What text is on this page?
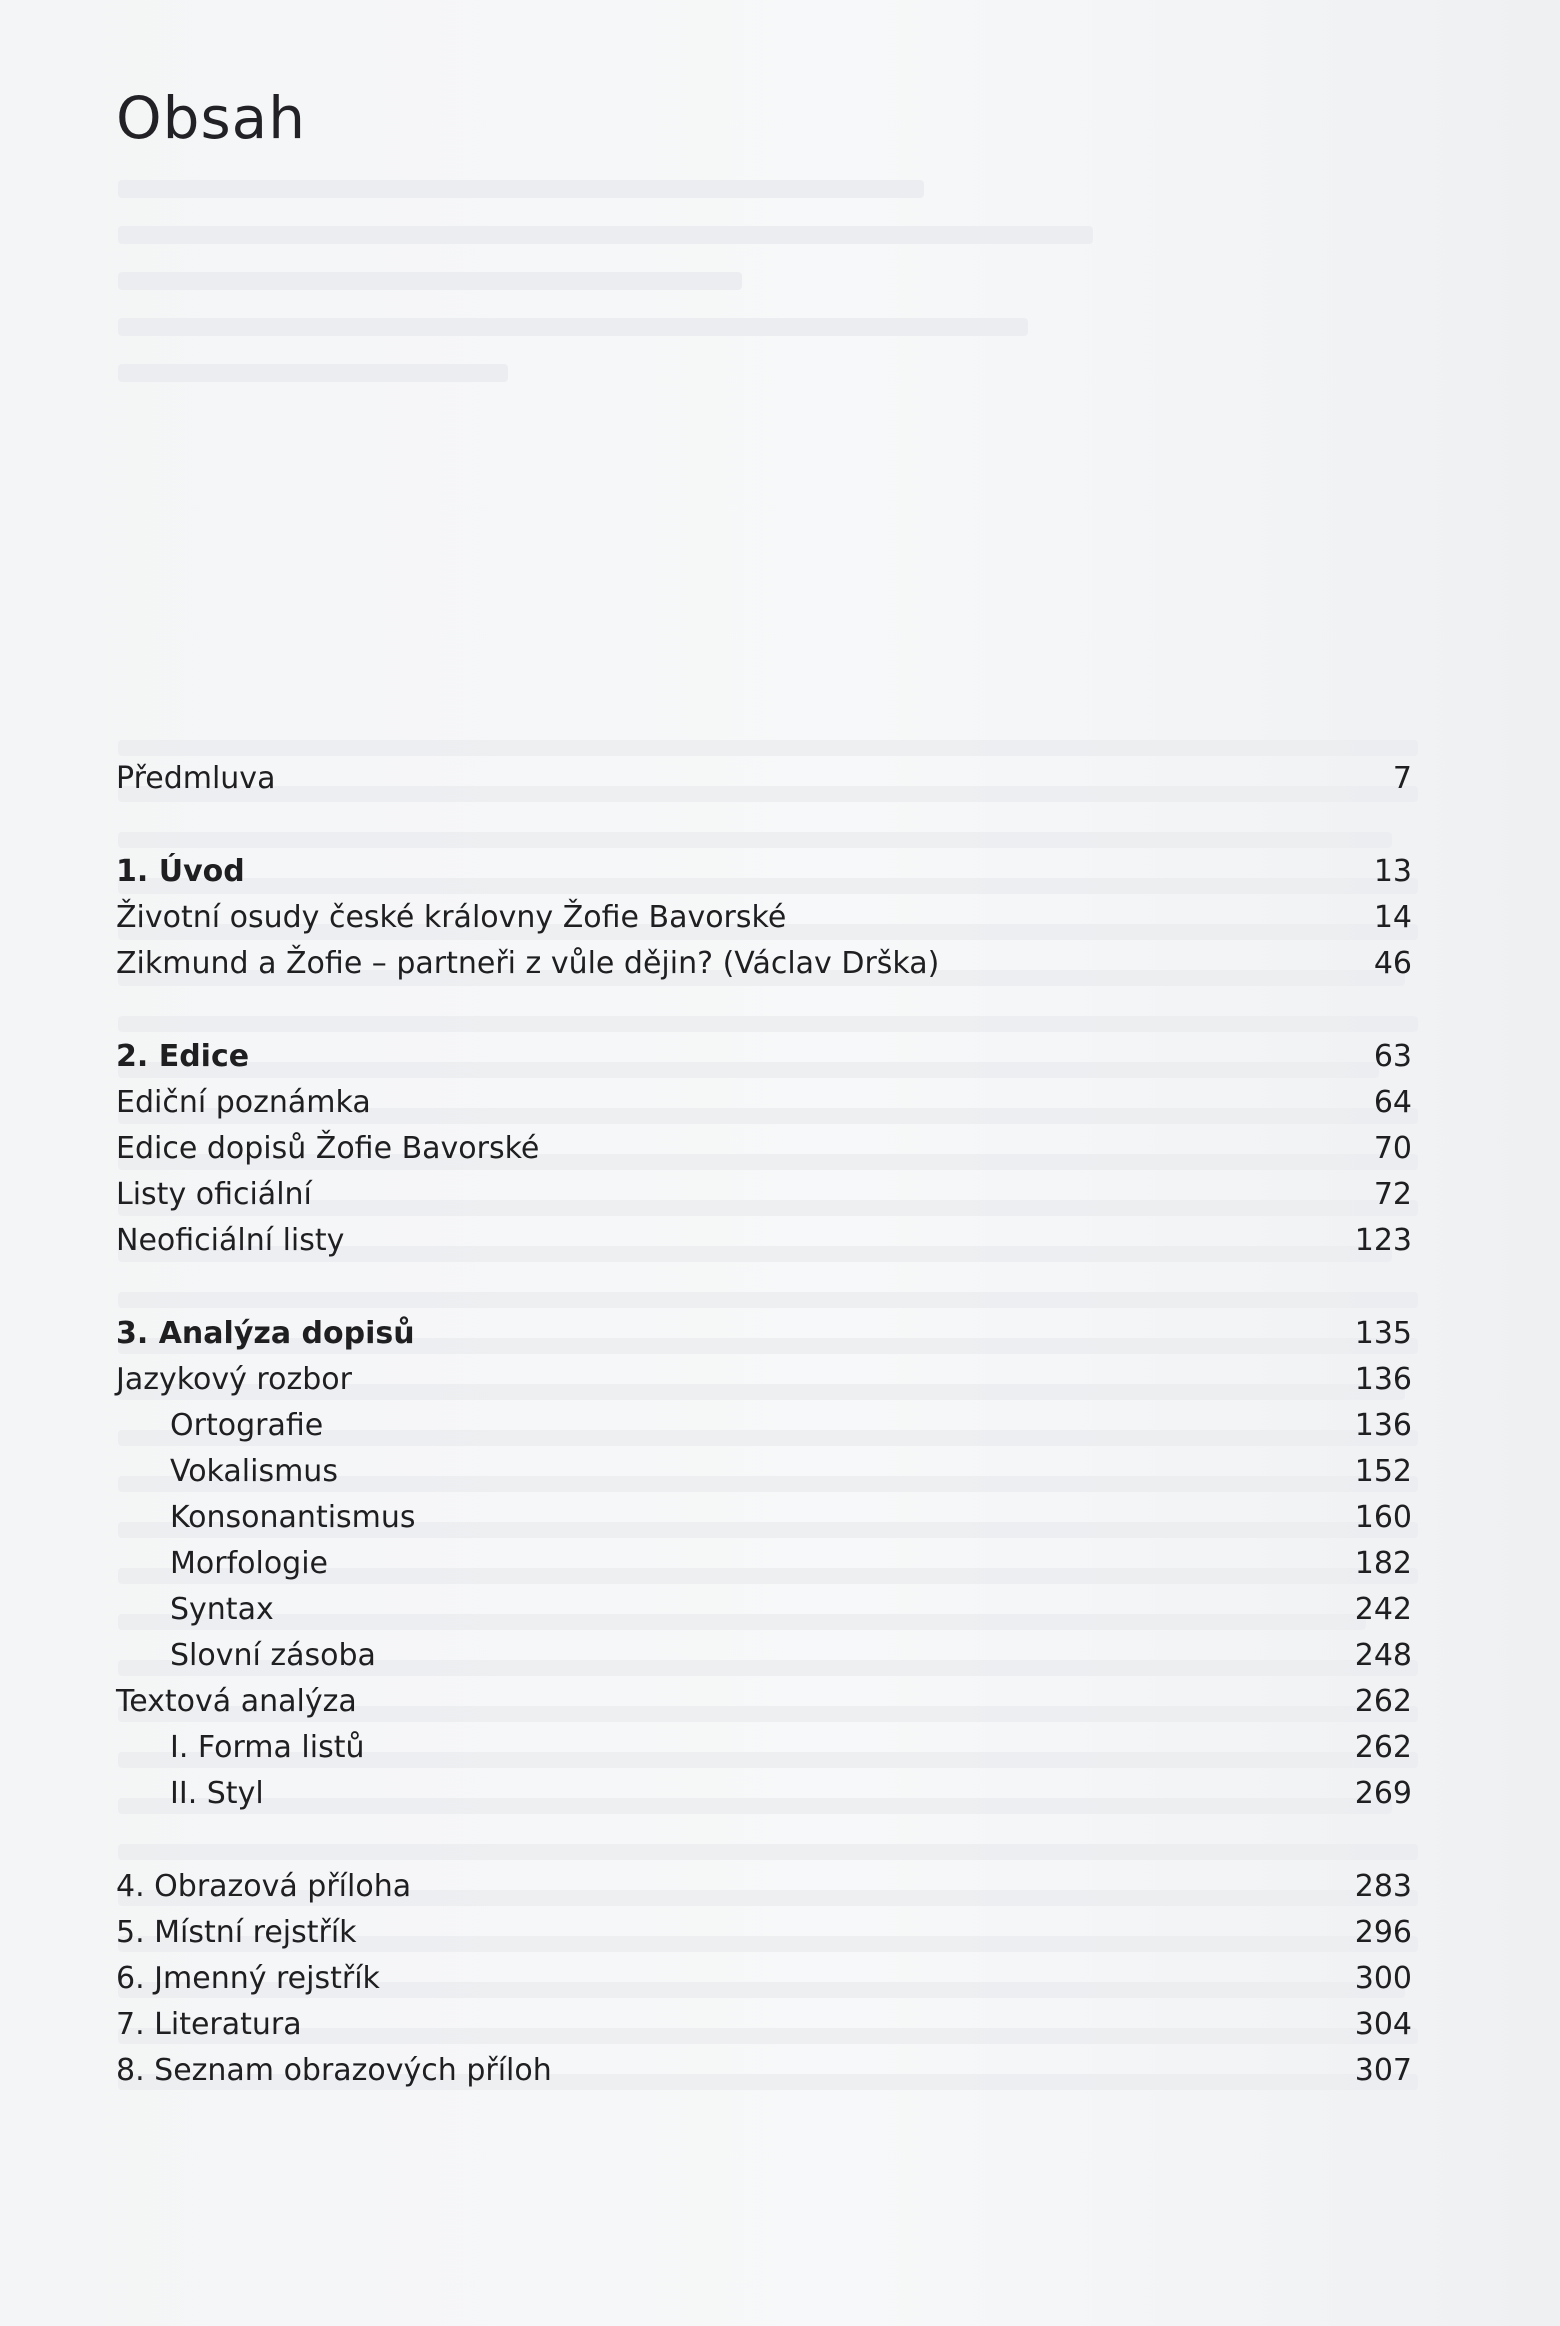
Obsah
Předmluva	7
1. Úvod	13
Životní osudy české královny Žofie Bavorské	14
Zikmund a Žofie – partneři z vůle dějin? (Václav Drška)	46
2. Edice	63
Ediční poznámka	64
Edice dopisů Žofie Bavorské	70
Listy oficiální	72
Neoficiální listy	123
3. Analýza dopisů	135
Jazykový rozbor	136
Ortografie	136
Vokalismus	152
Konsonantismus	160
Morfologie	182
Syntax	242
Slovní zásoba	248
Textová analýza	262
I. Forma listů	262
II. Styl	269
4. Obrazová příloha	283
5. Místní rejstřík	296
6. Jmenný rejstřík	300
7. Literatura	304
8. Seznam obrazových příloh	307
